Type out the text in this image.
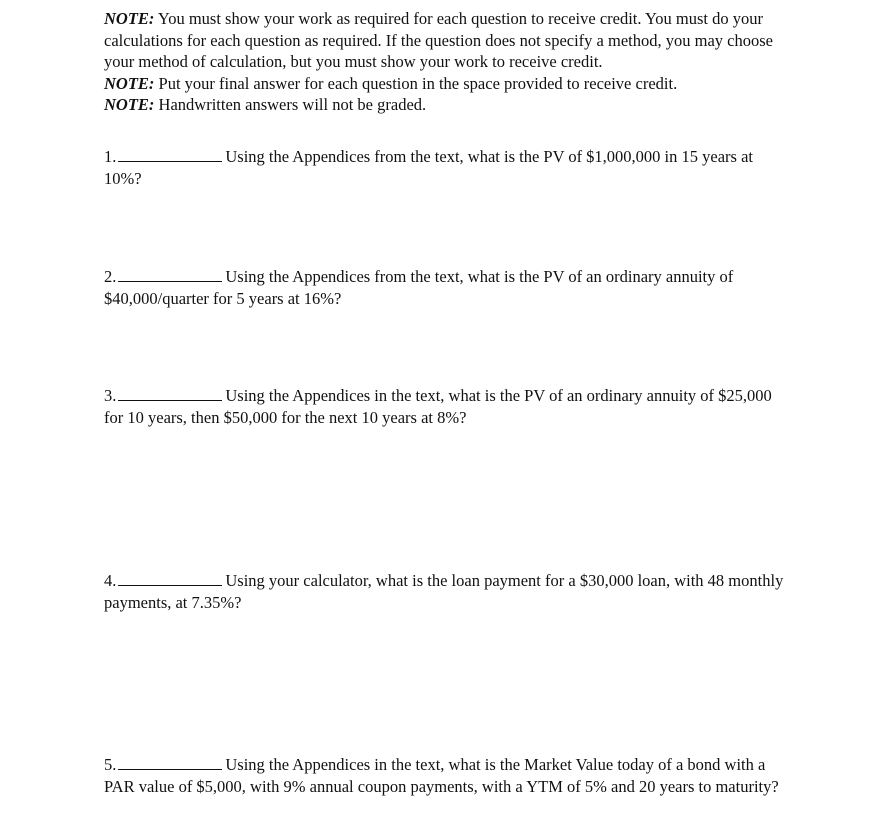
NOTE: You must show your work as required for each question to receive credit. You must do your calculations for each question as required. If the question does not specify a method, you may choose your method of calculation, but you must show your work to receive credit.

NOTE: Put your final answer for each question in the space provided to receive credit.

NOTE: Handwritten answers will not be graded.

1.	Using the Appendices from the text, what is the PV of $1,000,000 in 15 years at 10%?

2.	Using the Appendices from the text, what is the PV of an ordinary annuity of $40,000/quarter for 5 years at 16%?

3.	Using the Appendices in the text, what is the PV of an ordinary annuity of $25,000 for 10 years, then $50,000 for the next 10 years at 8%?

4.	Using your calculator, what is the loan payment for a $30,000 loan, with 48 monthly payments, at 7.35%?

5.	Using the Appendices in the text, what is the Market Value today of a bond with a PAR value of $5,000, with 9% annual coupon payments, with a YTM of 5% and 20 years to maturity?
